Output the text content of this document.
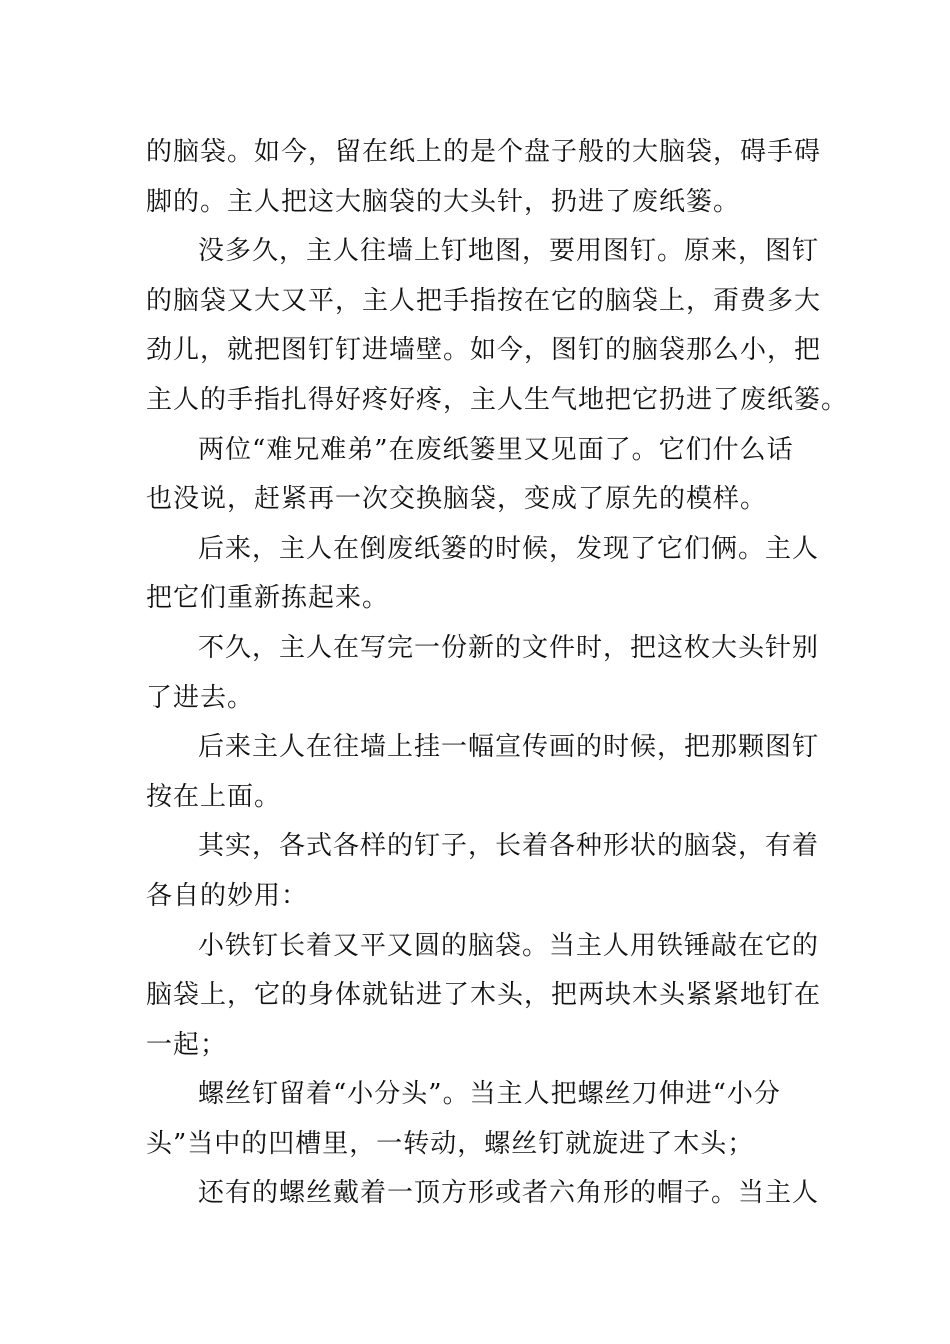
的脑袋。如今，留在纸上的是个盘子般的大脑袋，碍手碍
脚的。主人把这大脑袋的大头针，扔进了废纸篓。
没多久，主人往墙上钉地图，要用图钉。原来，图钉
的脑袋又大又平，主人把手指按在它的脑袋上，甭费多大
劲儿，就把图钉钉进墙壁。如今，图钉的脑袋那么小，把
主人的手指扎得好疼好疼，主人生气地把它扔进了废纸篓。
两位“难兄难弟”在废纸篓里又见面了。它们什么话
也没说，赶紧再一次交换脑袋，变成了原先的模样。
后来，主人在倒废纸篓的时候，发现了它们俩。主人
把它们重新拣起来。
不久，主人在写完一份新的文件时，把这枚大头针别
了进去。
后来主人在往墙上挂一幅宣传画的时候，把那颗图钉
按在上面。
其实，各式各样的钉子，长着各种形状的脑袋，有着
各自的妙用：
小铁钉长着又平又圆的脑袋。当主人用铁锤敲在它的
脑袋上，它的身体就钻进了木头，把两块木头紧紧地钉在
一起；
螺丝钉留着“小分头”。当主人把螺丝刀伸进“小分
头”当中的凹槽里，一转动，螺丝钉就旋进了木头；
还有的螺丝戴着一顶方形或者六角形的帽子。当主人
